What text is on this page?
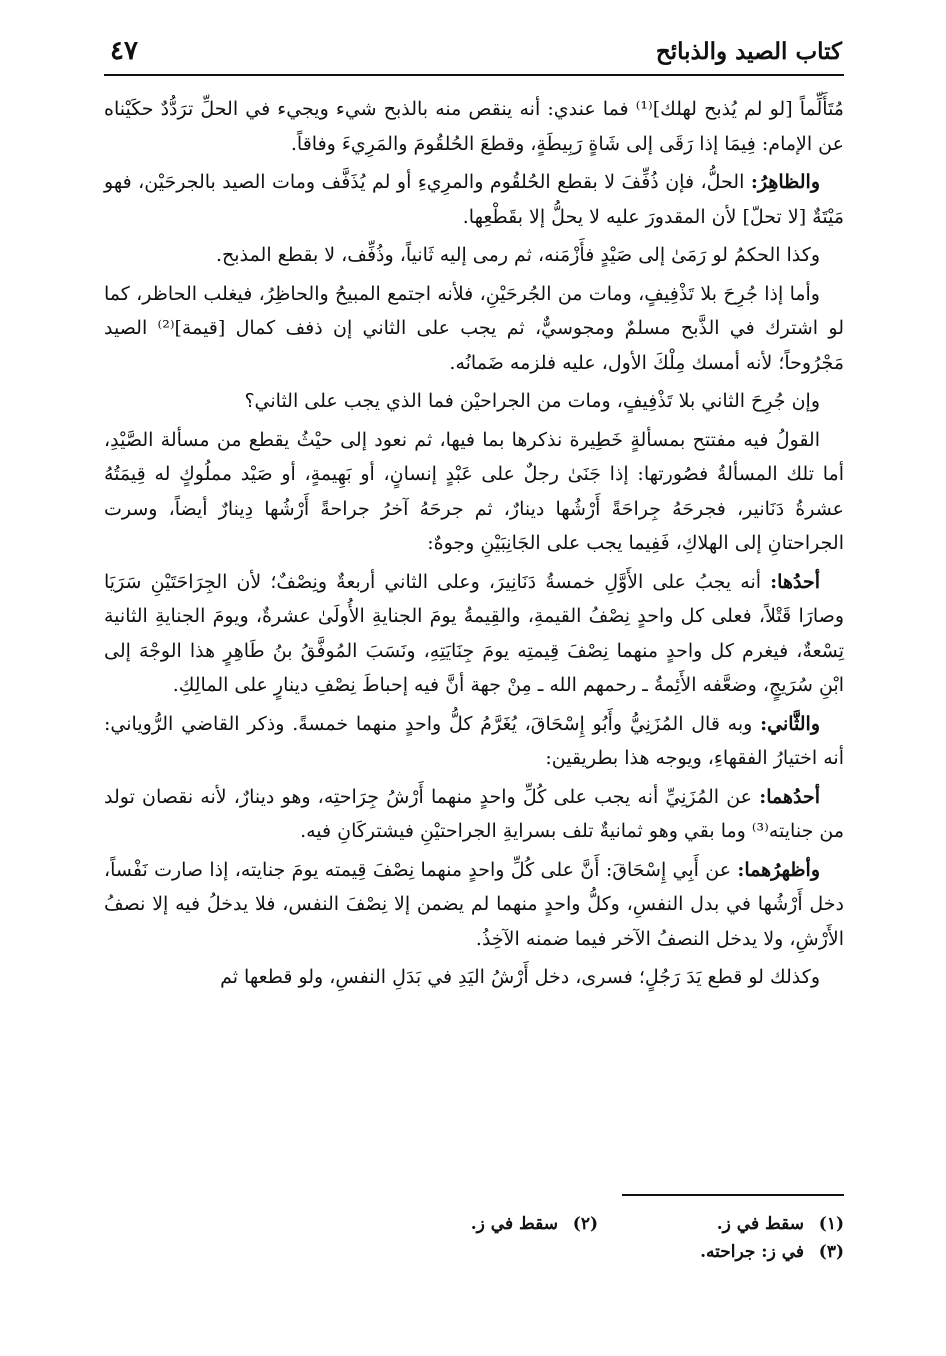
كتاب الصيد والذبائح
٤٧

مُتَأَلِّماً [لو لم يُذبح لهلك]⁽¹⁾ فما عندي: أنه ينقص منه بالذبح شيء ويجيء في الحلِّ ترَدُّدٌ حكَيْناه عن الإمام: فِيمَا إذا رَقَى إلى شَاةٍ رَبِيطَةٍ، وقطعَ الحُلقُومَ والمَرِيءَ وفاقاً.

والظاهِرُ: الحلُّ، فإن ذُفِّفَ لا بقطع الحُلقُوم والمرِيءِ أو لم يُذَفَّف ومات الصيد بالجرحَيْن، فهو مَيْتَةٌ [لا تحلّ] لأن المقدورَ عليه لا يحلُّ إلا بقَطْعِها.

وكذا الحكمُ لو رَمَىٰ إلى صَيْدٍ فأَزْمَنه، ثم رمى إليه ثَانياً، وذُفِّف، لا بقطع المذبح.

وأما إذا جُرِحَ بلا تَذْفِيفٍ، ومات من الجُرحَيْنِ، فلأنه اجتمع المبيحُ والحاظِرُ، فيغلب الحاظر، كما لو اشترك في الذَّبح مسلمٌ ومجوسيٌّ، ثم يجب على الثاني إن ذفف كمال [قيمة]⁽²⁾ الصيد مَجْرُوحاً؛ لأنه أمسك مِلْكَ الأول، عليه فلزمه ضَمانُه.

وإن جُرِحَ الثاني بلا تَذْفِيفٍ، ومات من الجراحيْن فما الذي يجب على الثاني؟

القولُ فيه مفتتح بمسألةٍ خَطِيرة نذكرها بما فيها، ثم نعود إلى حيْثُ يقطع من مسألة الصَّيْدِ، أما تلك المسألةُ فصُورتها: إذا جَنَىٰ رجلٌ على عَبْدٍ إنسانٍ، أو بَهِيمةٍ، أو صَيْد مملُوكٍ له قِيمَتُهُ عشرةُ دَنَانير، فجرحَهُ جِراحَةً أَرْشُها دينارٌ، ثم جرحَهُ آخرُ جراحةً أَرْشُها دِينارٌ أيضاً، وسرت الجراحتانِ إلى الهلاكِ، فَفِيما يجب على الجَانِبَيْنِ وجوهٌ:

أحدُها: أنه يجبُ على الأَوَّلِ خمسةُ دَنَانِيرَ، وعلى الثاني أربعةٌ ونِصْفٌ؛ لأن الجِرَاحَتَيْنِ سَرَيَا وصارَا قَتْلاً، فعلى كل واحدٍ نِصْفُ القيمةِ، والقِيمةُ يومَ الجنايةِ الأُولَىٰ عشرةٌ، ويومَ الجنايةِ الثانية تِسْعةٌ، فيغرم كل واحدٍ منهما نِصْفَ قِيمتِه يومَ جِنَايَتِهِ، ونَسَبَ المُوفَّقُ بنُ طَاهِرٍ هذا الوجْهَ إلى ابْنِ سُرَيجٍ، وضعَّفه الأَئِمةُ ـ رحمهم الله ـ مِنْ جهة أنَّ فيه إحباطَ نِصْفِ دينارٍ على المالِكِ.

والثَّاني: وبه قال المُزَنِيُّ وأَبُو إِسْحَاقَ، يُغَرَّمُ كلُّ واحدٍ منهما خمسةً. وذكر القاضي الرُّوياني: أنه اختيارُ الفقهاءِ، ويوجه هذا بطريقين:

أحدُهما: عن المُزَنِيِّ أنه يجب على كُلِّ واحدٍ منهما أَرْشُ جِرَاحتِه، وهو دينارٌ، لأنه نقصان تولد من جنايته⁽³⁾ وما بقي وهو ثمانيةٌ تلف بسرايةِ الجراحتيْنِ فيشتركَانِ فيه.

وأظهرُهما: عن أَبِي إِسْحَاقَ: أَنَّ على كُلِّ واحدٍ منهما نِصْفَ قِيمته يومَ جنايته، إذا صارت نَفْساً، دخل أَرْشُها في بدل النفسِ، وكلُّ واحدٍ منهما لم يضمن إلا نِصْفَ النفس، فلا يدخلُ فيه إلا نصفُ الأَرْشِ، ولا يدخل النصفُ الآخر فيما ضمنه الآخِذُ.

وكذلك لو قطع يَدَ رَجُلٍ؛ فسرى، دخل أَرْشُ اليَدِ في بَدَلِ النفسِ، ولو قطعها ثم

(١)سقط في ز.
(٢)سقط في ز.
(٣)في ز: جراحته.
